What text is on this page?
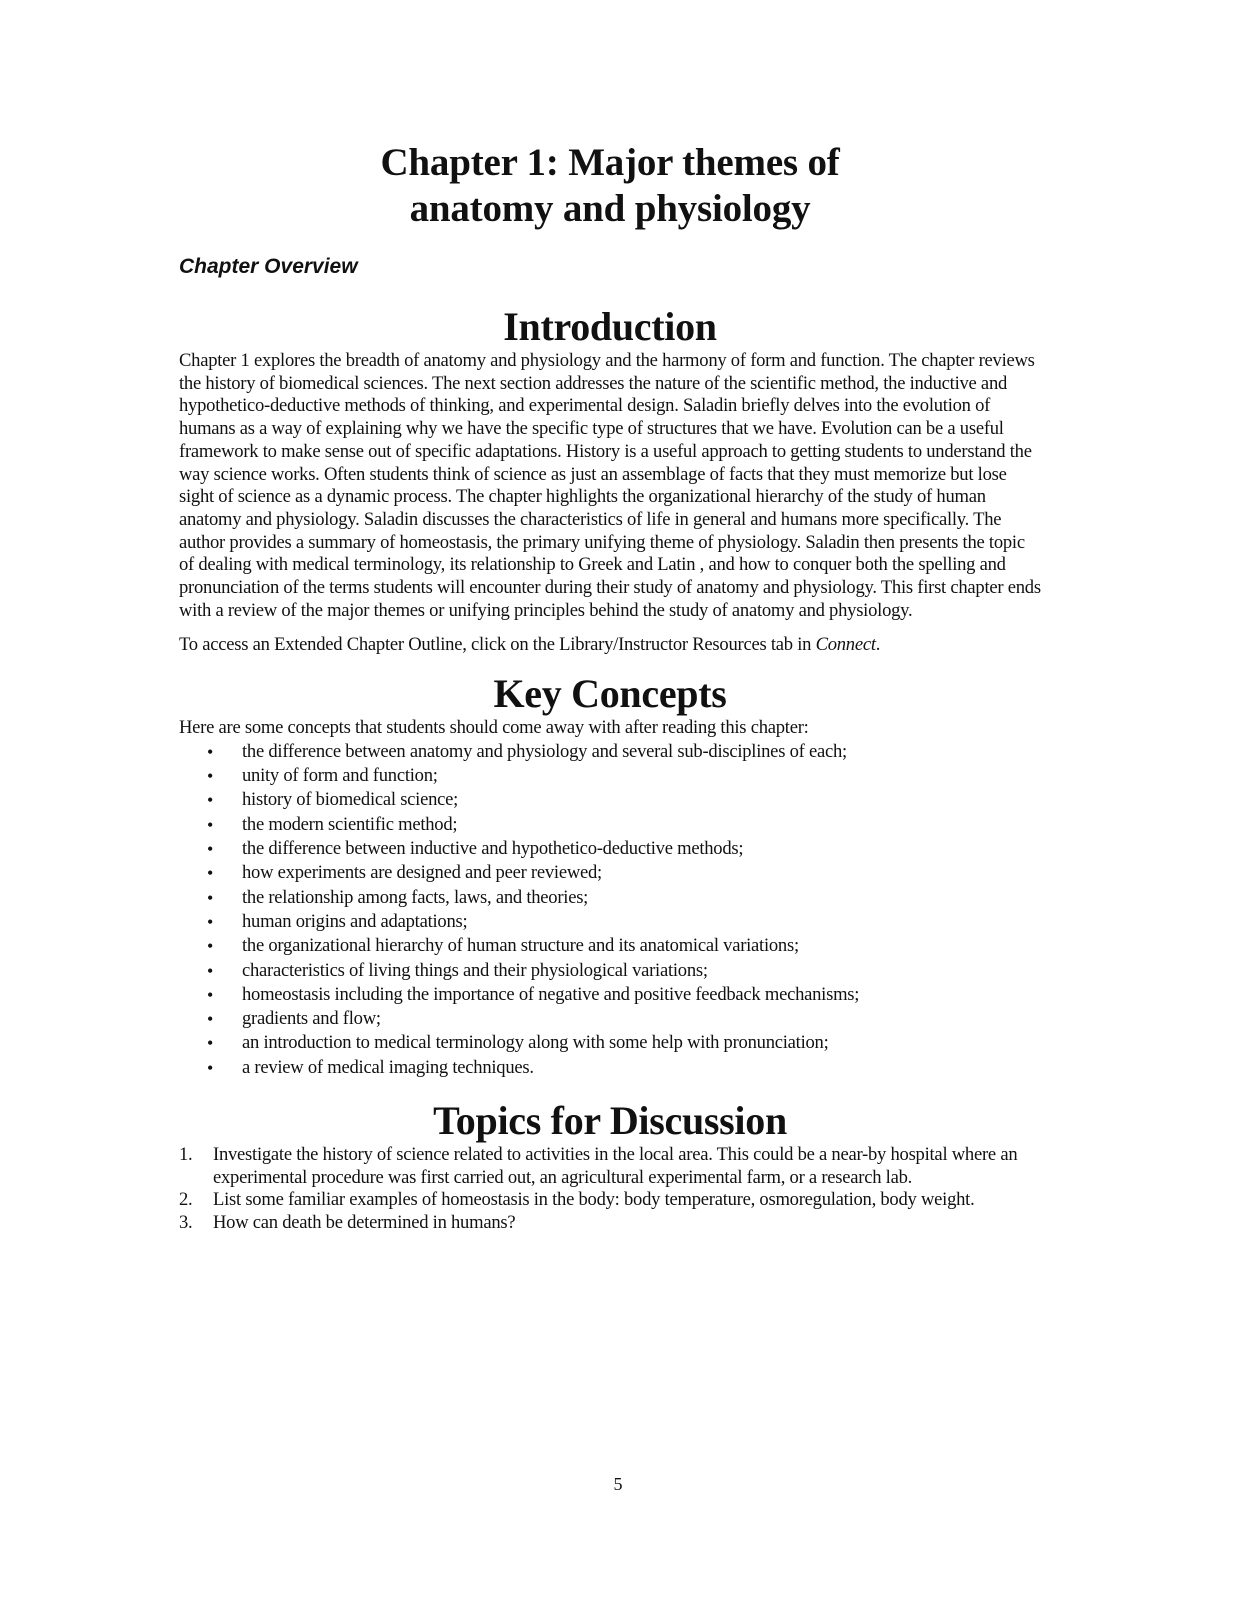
Chapter 1: Major themes of
anatomy and physiology
Chapter Overview
Introduction

Chapter 1 explores the breadth of anatomy and physiology and the harmony of form and function. The chapter reviews the history of biomedical sciences. The next section addresses the nature of the scientific method, the inductive and hypothetico-deductive methods of thinking, and experimental design. Saladin briefly delves into the evolution of humans as a way of explaining why we have the specific type of structures that we have. Evolution can be a useful framework to make sense out of specific adaptations. History is a useful approach to getting students to understand the way science works. Often students think of science as just an assemblage of facts that they must memorize but lose sight of science as a dynamic process. The chapter highlights the organizational hierarchy of the study of human anatomy and physiology. Saladin discusses the characteristics of life in general and humans more specifically. The author provides a summary of homeostasis, the primary unifying theme of physiology. Saladin then presents the topic of dealing with medical terminology, its relationship to Greek and Latin , and how to conquer both the spelling and pronunciation of the terms students will encounter during their study of anatomy and physiology. This first chapter ends with a review of the major themes or unifying principles behind the study of anatomy and physiology.

To access an Extended Chapter Outline, click on the Library/Instructor Resources tab in Connect.

Key Concepts

Here are some concepts that students should come away with after reading this chapter:

• the difference between anatomy and physiology and several sub-disciplines of each;
• unity of form and function;
• history of biomedical science;
• the modern scientific method;
• the difference between inductive and hypothetico-deductive methods;
• how experiments are designed and peer reviewed;
• the relationship among facts, laws, and theories;
• human origins and adaptations;
• the organizational hierarchy of human structure and its anatomical variations;
• characteristics of living things and their physiological variations;
• homeostasis including the importance of negative and positive feedback mechanisms;
• gradients and flow;
• an introduction to medical terminology along with some help with pronunciation;
• a review of medical imaging techniques.
Topics for Discussion
1. Investigate the history of science related to activities in the local area. This could be a near-by hospital where an experimental procedure was first carried out, an agricultural experimental farm, or a research lab.
2. List some familiar examples of homeostasis in the body: body temperature, osmoregulation, body weight.
3. How can death be determined in humans?
5
